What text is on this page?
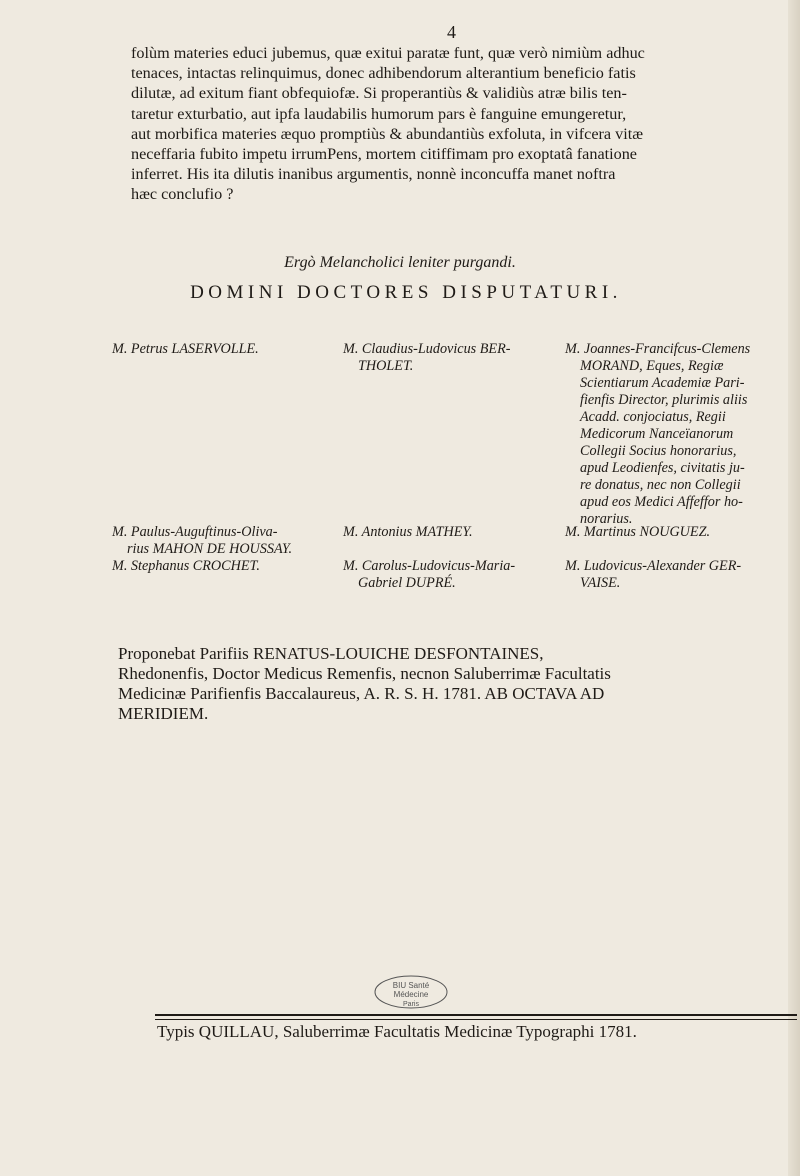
4
folùm materies educi jubemus, quæ exitui paratæ funt, quæ verò nimiùm adhuc
tenaces, intactas relinquimus, donec adhibendorum alterantium beneficio fatis
dilutæ, ad exitum fiant obfequiofæ. Si properantiùs & validiùs atræ bilis ten-
taretur exturbatio, aut ipfa laudabilis humorum pars è fanguine emungeretur,
aut morbifica materies æquo promptiùs & abundantiùs exfoluta, in vifcera vitæ
neceffaria fubito impetu irrumPens, mortem citiffimam pro exoptatâ fanatione
inferret. His ita dilutis inanibus argumentis, nonnè inconcuffa manet noftra
hæc conclufio ?
Ergò Melancholici leniter purgandi.
DOMINI DOCTORES DISPUTATURI.
M. Petrus LASERVOLLE.	M. Claudius-Ludovicus BER-
THOLET.
M. Joannes-Francifcus-Clemens
MORAND, Eques, Regiæ
Scientiarum Academiæ Pari-
fienfis Director, plurimis aliis
Acadd. conjociatus, Regii
Medicorum Nanceïanorum
Collegii Socius honorarius,
apud Leodienfes, civitatis ju-
re donatus, nec non Collegii
apud eos Medici Affeffor ho-
norarius.
M. Paulus-Auguftinus-Oliva-
rius MAHON DE HOUSSAY.
M. Stephanus CROCHET.
M. Antonius MATHEY.
M. Carolus-Ludovicus-Maria-
Gabriel DUPRÉ.
M. Martinus NOUGUEZ.
M. Ludovicus-Alexander GER-
VAISE.
Proponebat Parifiis RENATUS-LOUICHE DESFONTAINES,
Rhedonenfis, Doctor Medicus Remenfis, necnon Saluberrimæ Facultatis
Medicinæ Parifienfis Baccalaureus, A. R. S. H. 1781. AB OCTAVA AD
MERIDIEM.
BIU Santé
Médecine
Paris
Typis QUILLAU, Saluberrimæ Facultatis Medicinæ Typographi 1781.
